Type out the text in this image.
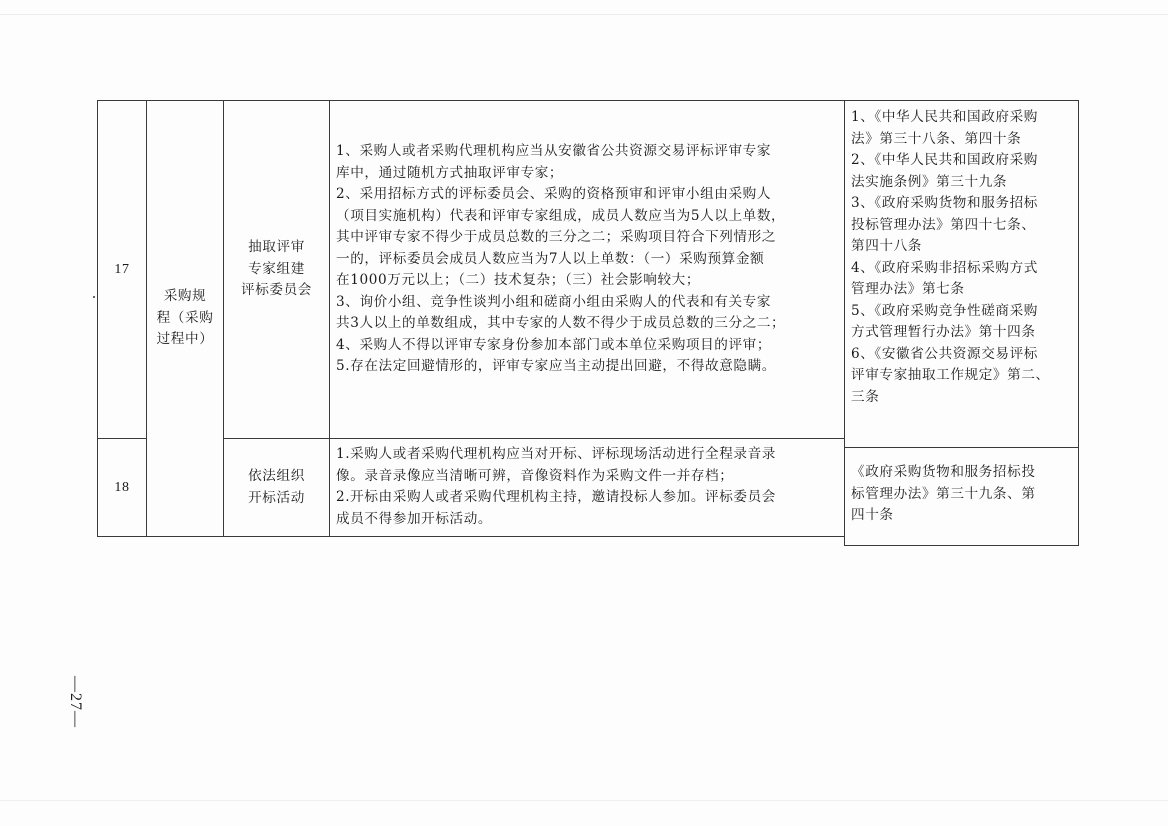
17
采购规
程（采购
过程中）
抽取评审
专家组建
评标委员会
1、采购人或者采购代理机构应当从安徽省公共资源交易评标评审专家
库中，通过随机方式抽取评审专家；
2、采用招标方式的评标委员会、采购的资格预审和评审小组由采购人
（项目实施机构）代表和评审专家组成，成员人数应当为5人以上单数，
其中评审专家不得少于成员总数的三分之二；采购项目符合下列情形之
一的，评标委员会成员人数应当为7人以上单数：（一）采购预算金额
在1000万元以上；（二）技术复杂；（三）社会影响较大；
3、询价小组、竞争性谈判小组和磋商小组由采购人的代表和有关专家
共3人以上的单数组成，其中专家的人数不得少于成员总数的三分之二；
4、采购人不得以评审专家身份参加本部门或本单位采购项目的评审；
5.存在法定回避情形的，评审专家应当主动提出回避，不得故意隐瞒。
1、《中华人民共和国政府采购
法》第三十八条、第四十条
2、《中华人民共和国政府采购
法实施条例》第三十九条
3、《政府采购货物和服务招标
投标管理办法》第四十七条、
第四十八条
4、《政府采购非招标采购方式
管理办法》第七条
5、《政府采购竞争性磋商采购
方式管理暂行办法》第十四条
6、《安徽省公共资源交易评标
评审专家抽取工作规定》第二、
三条
18
依法组织
开标活动
1.采购人或者采购代理机构应当对开标、评标现场活动进行全程录音录
像。录音录像应当清晰可辨，音像资料作为采购文件一并存档；
2.开标由采购人或者采购代理机构主持，邀请投标人参加。评标委员会
成员不得参加开标活动。
《政府采购货物和服务招标投
标管理办法》第三十九条、第
四十条
—27—
